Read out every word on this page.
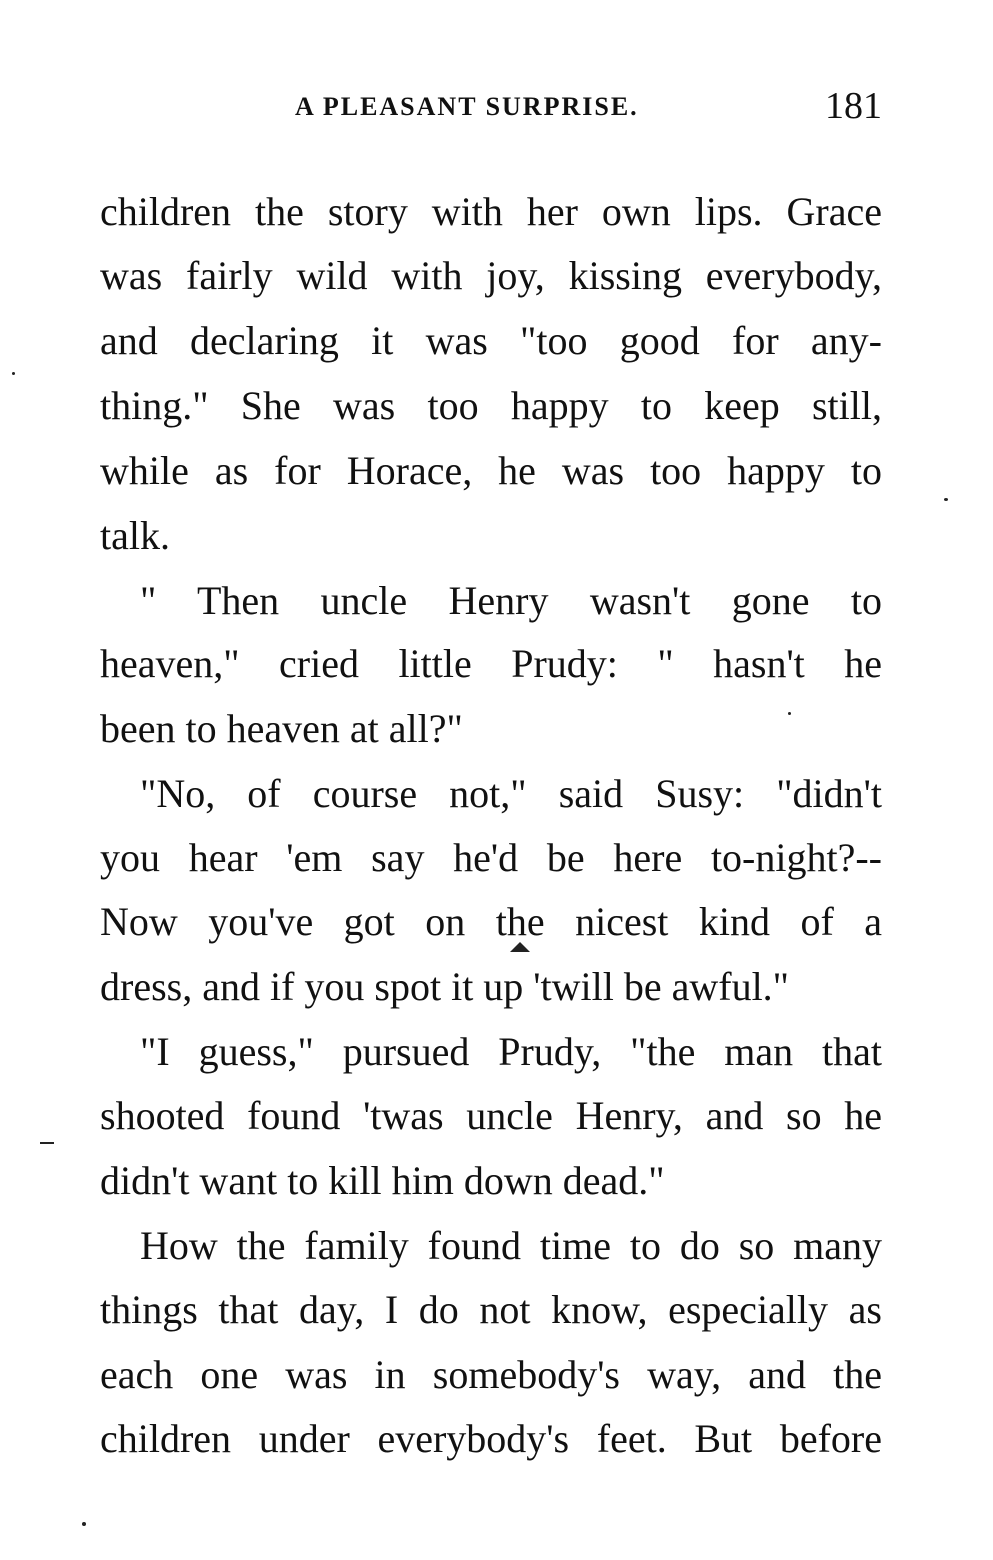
A PLEASANT SURPRISE.	181
children the story with her own lips. Grace
was fairly wild with joy, kissing everybody,
and declaring it was "too good for any-
thing." She was too happy to keep still,
while as for Horace, he was too happy to
talk.
" Then uncle Henry wasn't gone to
heaven," cried little Prudy: " hasn't he
been to heaven at all?"
"No, of course not," said Susy: "didn't
you hear 'em say he'd be here to-night?--
Now you've got on the nicest kind of a
dress, and if you spot it up 'twill be awful."
"I guess," pursued Prudy, "the man that
shooted found 'twas uncle Henry, and so he
didn't want to kill him down dead."
How the family found time to do so many
things that day, I do not know, especially as
each one was in somebody's way, and the
children under everybody's feet. But before
